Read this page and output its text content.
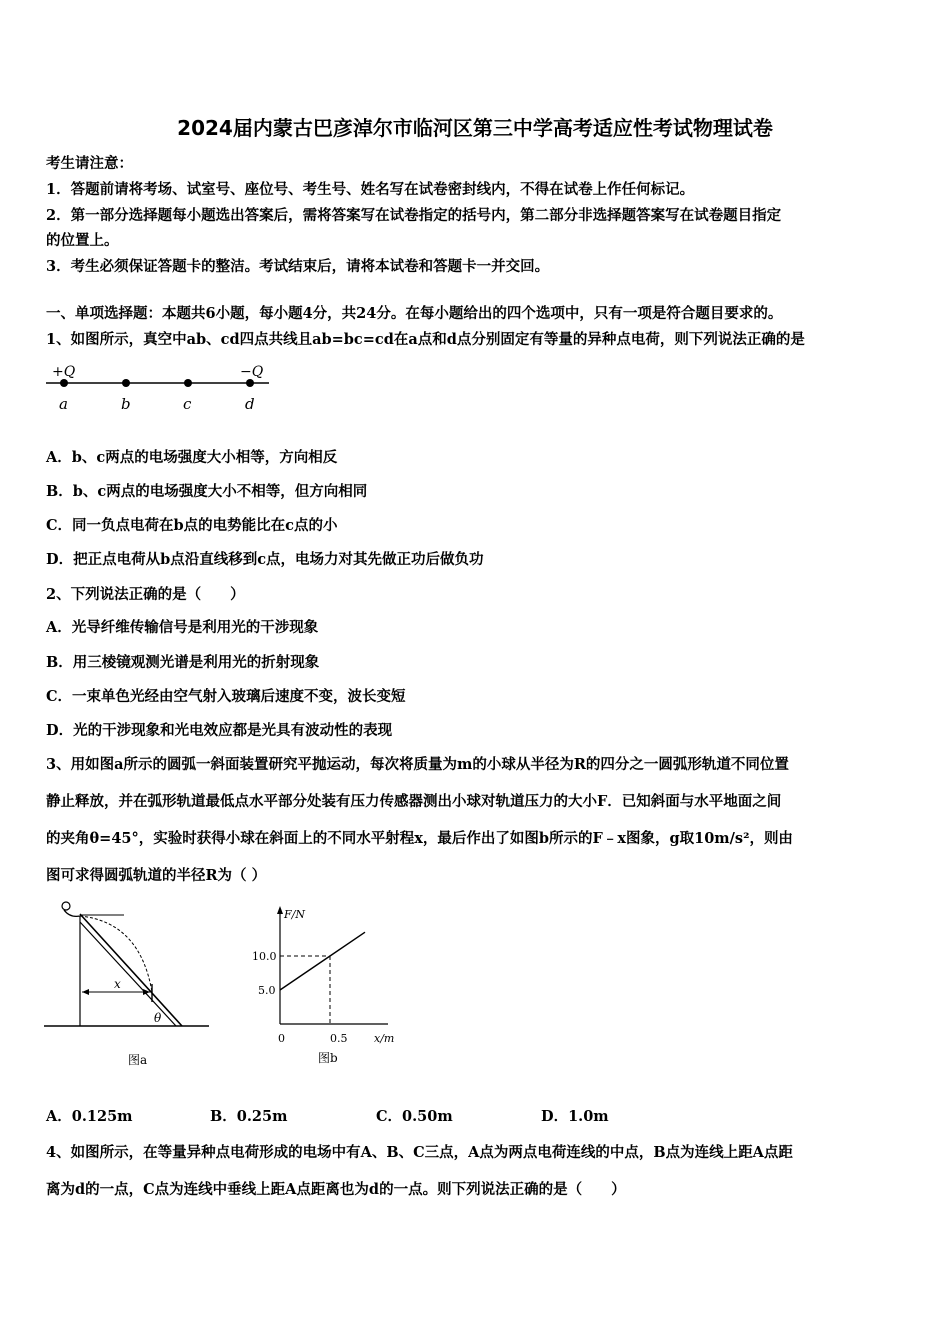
2024届内蒙古巴彦淖尔市临河区第三中学高考适应性考试物理试卷
考生请注意：
1．答题前请将考场、试室号、座位号、考生号、姓名写在试卷密封线内，不得在试卷上作任何标记。
2．第一部分选择题每小题选出答案后，需将答案写在试卷指定的括号内，第二部分非选择题答案写在试卷题目指定
的位置上。
3．考生必须保证答题卡的整洁。考试结束后，请将本试卷和答题卡一并交回。
一、单项选择题：本题共6小题，每小题4分，共24分。在每小题给出的四个选项中，只有一项是符合题目要求的。
1、如图所示，真空中ab、cd四点共线且ab=bc=cd在a点和d点分别固定有等量的异种点电荷，则下列说法正确的是
+Q	−Q
a	b	c	d
A．b、c两点的电场强度大小相等，方向相反
B．b、c两点的电场强度大小不相等，但方向相同
C．同一负点电荷在b点的电势能比在c点的小
D．把正点电荷从b点沿直线移到c点，电场力对其先做正功后做负功
2、下列说法正确的是（　　）
A．光导纤维传输信号是利用光的干涉现象
B．用三棱镜观测光谱是利用光的折射现象
C．一束单色光经由空气射入玻璃后速度不变，波长变短
D．光的干涉现象和光电效应都是光具有波动性的表现
3、用如图a所示的圆弧一斜面装置研究平抛运动，每次将质量为m的小球从半径为R的四分之一圆弧形轨道不同位置
静止释放，并在弧形轨道最低点水平部分处装有压力传感器测出小球对轨道压力的大小F．已知斜面与水平地面之间
的夹角θ=45°，实验时获得小球在斜面上的不同水平射程x，最后作出了如图b所示的F﹣x图象，g取10m/s²，则由
图可求得圆弧轨道的半径R为（ ）
x
θ
图a
F/N
x/m
10.0
5.0
0	0.5
图b
A．0.125m	B．0.25m	C．0.50m	D．1.0m
4、如图所示，在等量异种点电荷形成的电场中有A、B、C三点，A点为两点电荷连线的中点，B点为连线上距A点距
离为d的一点，C点为连线中垂线上距A点距离也为d的一点。则下列说法正确的是（　　）
